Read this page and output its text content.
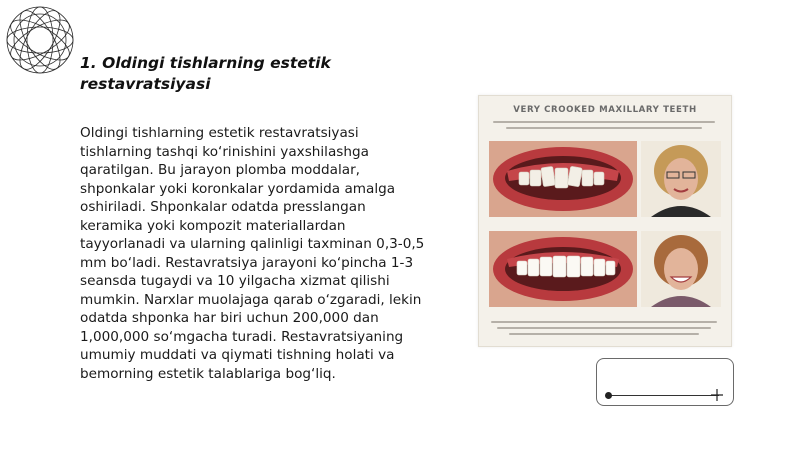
1. Oldingi tishlarning estetik restavratsiyasi

Oldingi tishlarning estetik restavratsiyasi tishlarning tashqi ko‘rinishini yaxshilashga qaratilgan. Bu jarayon plomba moddalar, shponkalar yoki koronkalar yordamida amalga oshiriladi. Shponkalar odatda presslangan keramika yoki kompozit materiallardan tayyorlanadi va ularning qalinligi taxminan 0,3-0,5 mm bo‘ladi. Restavratsiya jarayoni ko‘pincha 1-3 seansda tugaydi va 10 yilgacha xizmat qilishi mumkin. Narxlar muolajaga qarab o‘zgaradi, lekin odatda shponka har biri uchun 200,000 dan 1,000,000 so‘mgacha turadi. Restavratsiyaning umumiy muddati va qiymati tishning holati va bemorning estetik talablariga bog‘liq.

VERY CROOKED MAXILLARY TEETH
